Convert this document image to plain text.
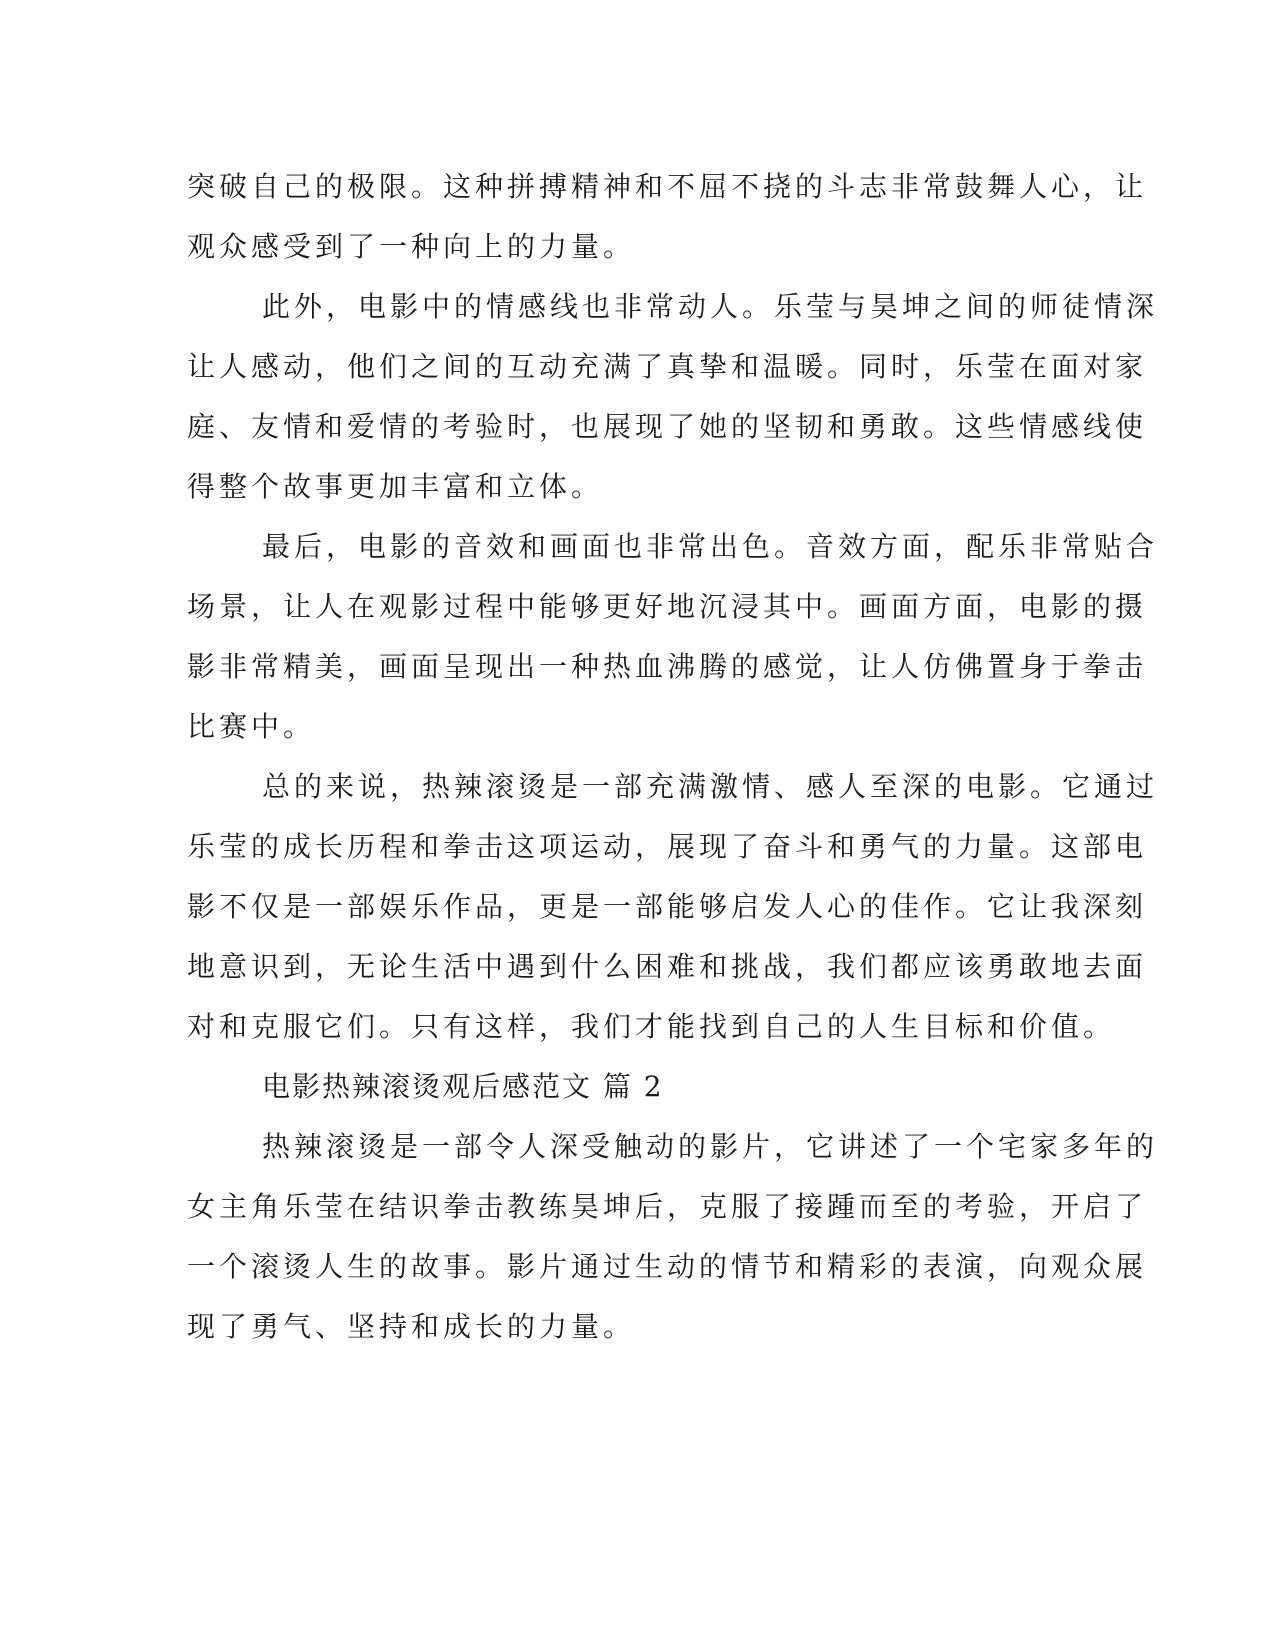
突破自己的极限。这种拼搏精神和不屈不挠的斗志非常鼓舞人心，让
观众感受到了一种向上的力量。
此外，电影中的情感线也非常动人。乐莹与昊坤之间的师徒情深
让人感动，他们之间的互动充满了真挚和温暖。同时，乐莹在面对家
庭、友情和爱情的考验时，也展现了她的坚韧和勇敢。这些情感线使
得整个故事更加丰富和立体。
最后，电影的音效和画面也非常出色。音效方面，配乐非常贴合
场景，让人在观影过程中能够更好地沉浸其中。画面方面，电影的摄
影非常精美，画面呈现出一种热血沸腾的感觉，让人仿佛置身于拳击
比赛中。
总的来说，热辣滚烫是一部充满激情、感人至深的电影。它通过
乐莹的成长历程和拳击这项运动，展现了奋斗和勇气的力量。这部电
影不仅是一部娱乐作品，更是一部能够启发人心的佳作。它让我深刻
地意识到，无论生活中遇到什么困难和挑战，我们都应该勇敢地去面
对和克服它们。只有这样，我们才能找到自己的人生目标和价值。
电影热辣滚烫观后感范文 篇 2
热辣滚烫是一部令人深受触动的影片，它讲述了一个宅家多年的
女主角乐莹在结识拳击教练昊坤后，克服了接踵而至的考验，开启了
一个滚烫人生的故事。影片通过生动的情节和精彩的表演，向观众展
现了勇气、坚持和成长的力量。
